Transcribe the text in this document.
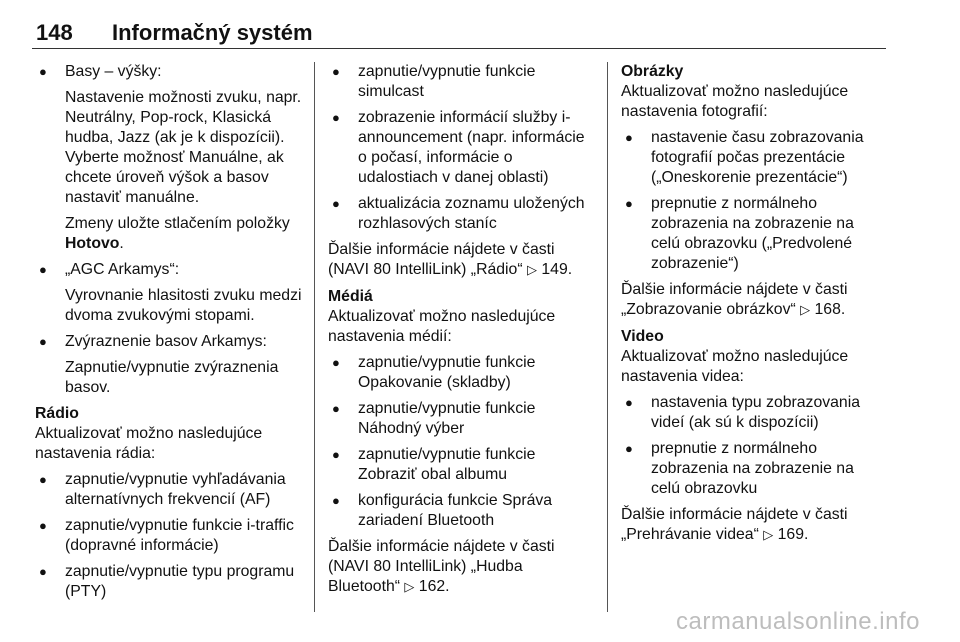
148 Informačný systém
● Basy – výšky:
Nastavenie možnosti zvuku, napr. Neutrálny, Pop-rock, Klasická hudba, Jazz (ak je k dispozícii). Vyberte možnosť Manuálne, ak chcete úroveň výšok a basov nastaviť manuálne.
Zmeny uložte stlačením položky Hotovo.
● „AGC Arkamys“:
Vyrovnanie hlasitosti zvuku medzi dvoma zvukovými stopami.
● Zvýraznenie basov Arkamys:
Zapnutie/vypnutie zvýraznenia basov.
Rádio
Aktualizovať možno nasledujúce nastavenia rádia:
● zapnutie/vypnutie vyhľadávania alternatívnych frekvencií (AF)
● zapnutie/vypnutie funkcie i-traffic (dopravné informácie)
● zapnutie/vypnutie typu programu (PTY)
● zapnutie/vypnutie funkcie simulcast
● zobrazenie informácií služby i-announcement (napr. informácie o počasí, informácie o udalostiach v danej oblasti)
● aktualizácia zoznamu uložených rozhlasových staníc
Ďalšie informácie nájdete v časti (NAVI 80 IntelliLink) „Rádio“ ▷ 149.
Médiá
Aktualizovať možno nasledujúce nastavenia médií:
● zapnutie/vypnutie funkcie Opakovanie (skladby)
● zapnutie/vypnutie funkcie Náhodný výber
● zapnutie/vypnutie funkcie Zobraziť obal albumu
● konfigurácia funkcie Správa zariadení Bluetooth
Ďalšie informácie nájdete v časti (NAVI 80 IntelliLink) „Hudba Bluetooth“ ▷ 162.
Obrázky
Aktualizovať možno nasledujúce nastavenia fotografií:
● nastavenie času zobrazovania fotografií počas prezentácie („Oneskorenie prezentácie“)
● prepnutie z normálneho zobrazenia na zobrazenie na celú obrazovku („Predvolené zobrazenie“)
Ďalšie informácie nájdete v časti „Zobrazovanie obrázkov“ ▷ 168.
Video
Aktualizovať možno nasledujúce nastavenia videa:
● nastavenia typu zobrazovania videí (ak sú k dispozícii)
● prepnutie z normálneho zobrazenia na zobrazenie na celú obrazovku
Ďalšie informácie nájdete v časti „Prehrávanie videa“ ▷ 169.
carmanualsonline.info
